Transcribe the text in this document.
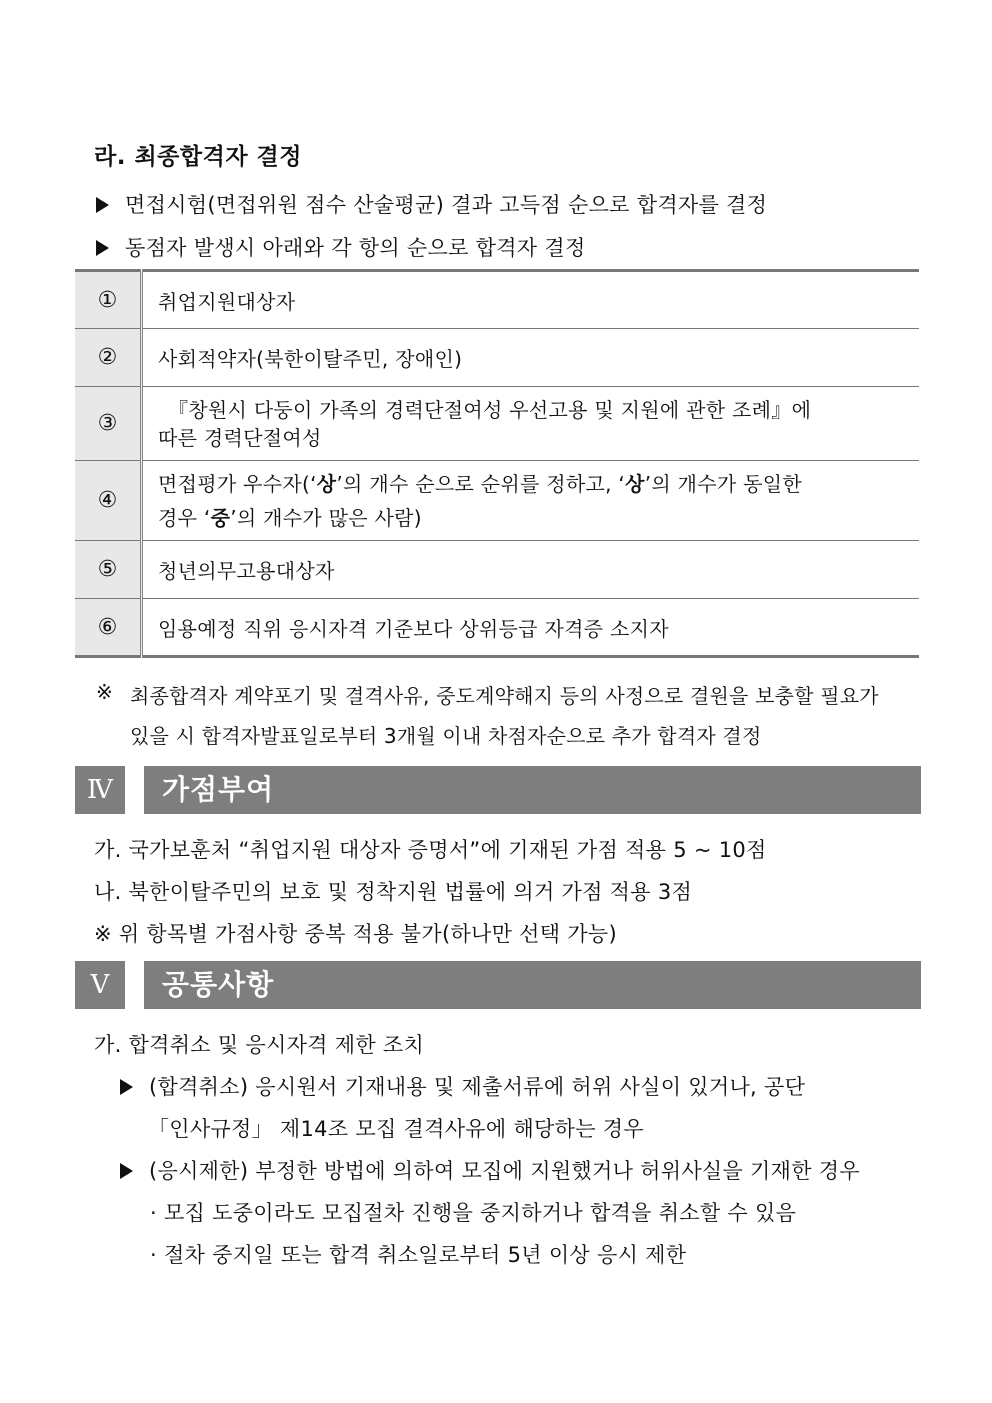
라. 최종합격자 결정
면접시험(면접위원 점수 산술평균) 결과 고득점 순으로 합격자를 결정
동점자 발생시 아래와 각 항의 순으로 합격자 결정
①	취업지원대상자
②	사회적약자(북한이탈주민, 장애인)
③	『창원시 다둥이 가족의 경력단절여성 우선고용 및 지원에 관한 조례』에
따른 경력단절여성

④	면접평가 우수자(‘상’의 개수 순으로 순위를 정하고, ‘상’의 개수가 동일한
경우 ‘중’의 개수가 많은 사람)

⑤	청년의무고용대상자
⑥	임용예정 직위 응시자격 기준보다 상위등급 자격증 소지자
※ 최종합격자 계약포기 및 결격사유, 중도계약해지 등의 사정으로 결원을 보충할 필요가
있을 시 합격자발표일로부터 3개월 이내 차점자순으로 추가 합격자 결정
Ⅳ	가점부여
가. 국가보훈처 “취업지원 대상자 증명서”에 기재된 가점 적용 5 ~ 10점
나. 북한이탈주민의 보호 및 정착지원 법률에 의거 가점 적용 3점
※ 위 항목별 가점사항 중복 적용 불가(하나만 선택 가능)
Ⅴ	공통사항
가. 합격취소 및 응시자격 제한 조치
(합격취소) 응시원서 기재내용 및 제출서류에 허위 사실이 있거나, 공단
「인사규정」 제14조 모집 결격사유에 해당하는 경우
(응시제한) 부정한 방법에 의하여 모집에 지원했거나 허위사실을 기재한 경우
· 모집 도중이라도 모집절차 진행을 중지하거나 합격을 취소할 수 있음
· 절차 중지일 또는 합격 취소일로부터 5년 이상 응시 제한
